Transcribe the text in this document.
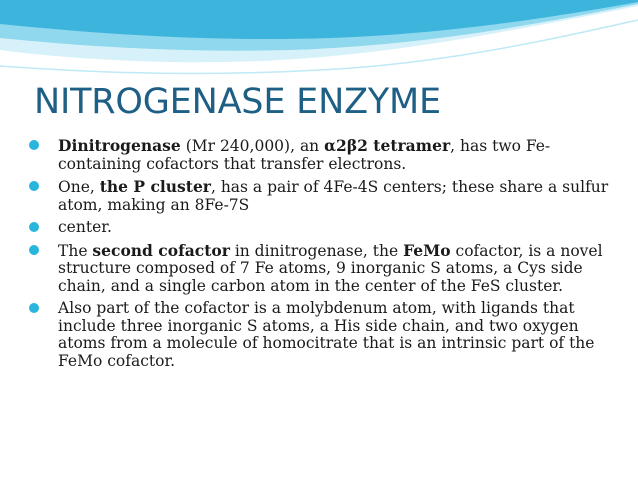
NITROGENASE ENZYME
Dinitrogenase (Mr 240,000), an α2β2 tetramer, has two Fe-containing cofactors that transfer electrons.
One, the P cluster, has a pair of 4Fe-4S centers; these share a sulfur atom, making an 8Fe-7S
center.
The second cofactor in dinitrogenase, the FeMo cofactor, is a novel structure composed of 7 Fe atoms, 9 inorganic S atoms, a Cys side chain, and a single carbon atom in the center of the FeS cluster.
Also part of the cofactor is a molybdenum atom, with ligands that include three inorganic S atoms, a His side chain, and two oxygen atoms from a molecule of homocitrate that is an intrinsic part of the FeMo cofactor.
